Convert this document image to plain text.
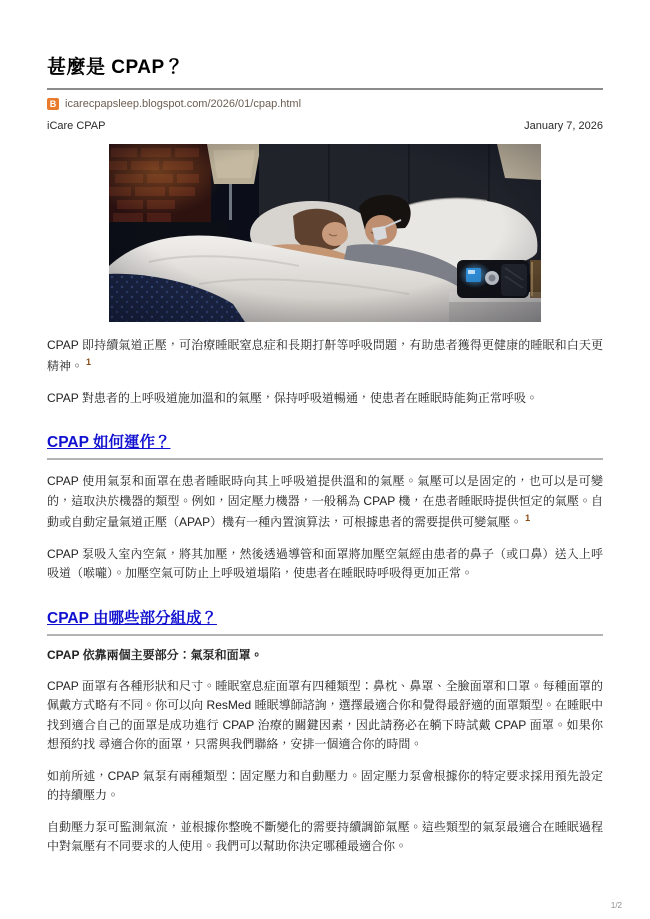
甚麼是 CPAP？
B icarecpapsleep.blogspot.com/2026/01/cpap.html
iCare CPAP	January 7, 2026

CPAP 即持續氣道正壓，可治療睡眠窒息症和長期打鼾等呼吸問題，有助患者獲得更健康的睡眠和白天更精神。 $^1$

CPAP 對患者的上呼吸道施加溫和的氣壓，保持呼吸道暢通，使患者在睡眠時能夠正常呼吸。

CPAP 如何運作？

CPAP 使用氣泵和面罩在患者睡眠時向其上呼吸道提供溫和的氣壓。氣壓可以是固定的，也可以是可變的，這取決於機器的類型。例如，固定壓力機器，一般稱為 CPAP 機，在患者睡眠時提供恒定的氣壓。自動或自動定量氣道正壓（APAP）機有一種內置演算法，可根據患者的需要提供可變氣壓。 $^1$

CPAP 泵吸入室內空氣，將其加壓，然後透過導管和面罩將加壓空氣經由患者的鼻子（或口鼻）送入上呼吸道（喉嚨）。加壓空氣可防止上呼吸道塌陷，使患者在睡眠時呼吸得更加正常。

CPAP 由哪些部分組成？

CPAP 依靠兩個主要部分：氣泵和面罩。

CPAP 面罩有各種形狀和尺寸。睡眠窒息症面罩有四種類型：鼻枕、鼻罩、全臉面罩和口罩。每種面罩的佩戴方式略有不同。你可以向 ResMed 睡眠導師諮詢，選擇最適合你和覺得最舒適的面罩類型。在睡眠中找到適合自己的面罩是成功進行 CPAP 治療的關鍵因素，因此請務必在躺下時試戴 CPAP 面罩。如果你想預約找 尋適合你的面罩，只需與我們聯絡，安排一個適合你的時間。

如前所述，CPAP 氣泵有兩種類型：固定壓力和自動壓力。固定壓力泵會根據你的特定要求採用預先設定的持續壓力。

自動壓力泵可監測氣流，並根據你整晚不斷變化的需要持續調節氣壓。這些類型的氣泵最適合在睡眠過程中對氣壓有不同要求的人使用。我們可以幫助你決定哪種最適合你。

1/2
